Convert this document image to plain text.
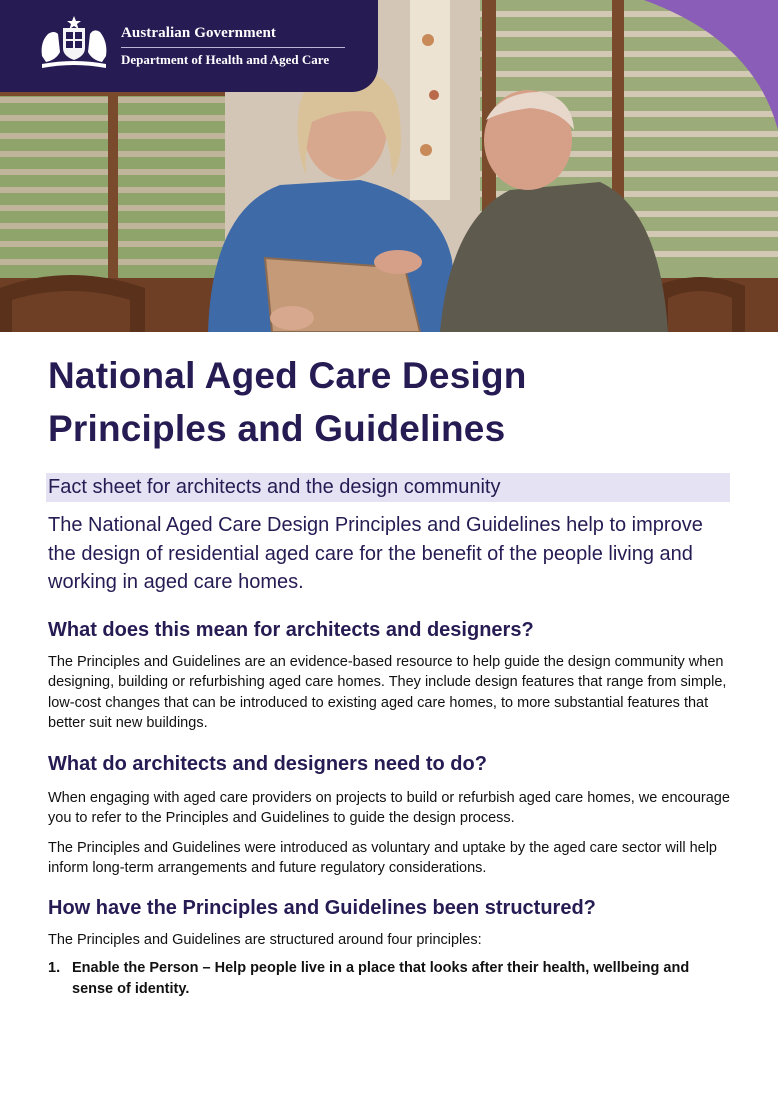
Australian Government
Department of Health and Aged Care
National Aged Care Design
Principles and Guidelines
Fact sheet for architects and the design community

The National Aged Care Design Principles and Guidelines help to improve the design of residential aged care for the benefit of the people living and working in aged care homes.

What does this mean for architects and designers?

The Principles and Guidelines are an evidence-based resource to help guide the design community when designing, building or refurbishing aged care homes. They include design features that range from simple, low-cost changes that can be introduced to existing aged care homes, to more substantial features that better suit new buildings.

What do architects and designers need to do?

When engaging with aged care providers on projects to build or refurbish aged care homes, we encourage you to refer to the Principles and Guidelines to guide the design process.

The Principles and Guidelines were introduced as voluntary and uptake by the aged care sector will help inform long-term arrangements and future regulatory considerations.

How have the Principles and Guidelines been structured?

The Principles and Guidelines are structured around four principles:

1. Enable the Person – Help people live in a place that looks after their health, wellbeing and sense of identity.
